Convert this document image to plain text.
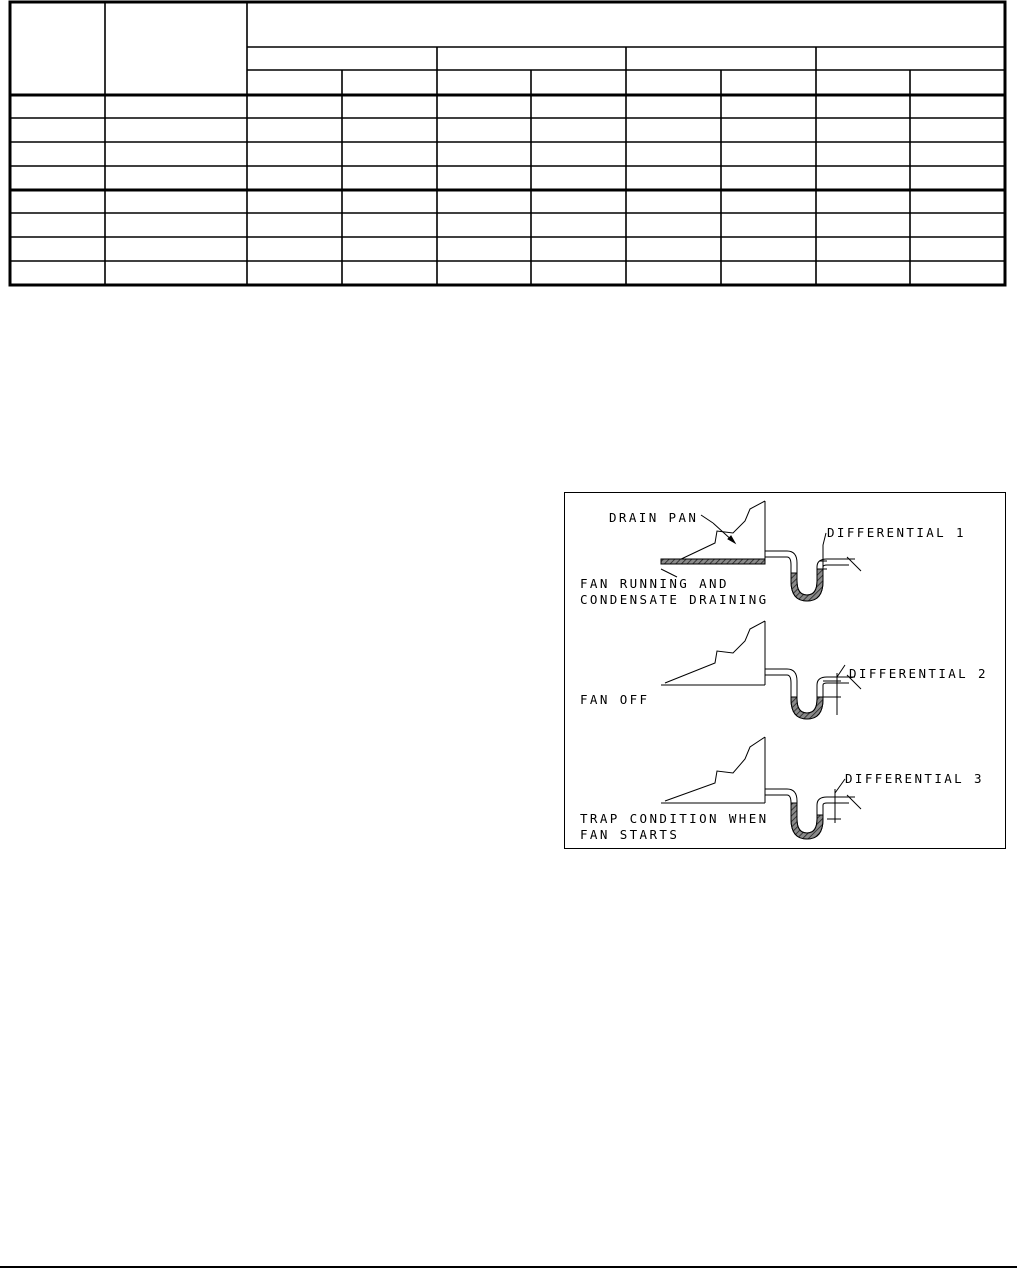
DRAIN PAN
DIFFERENTIAL 1
FAN RUNNING AND
CONDENSATE DRAINING
DIFFERENTIAL 2
FAN OFF
DIFFERENTIAL 3
TRAP CONDITION WHEN
FAN STARTS
